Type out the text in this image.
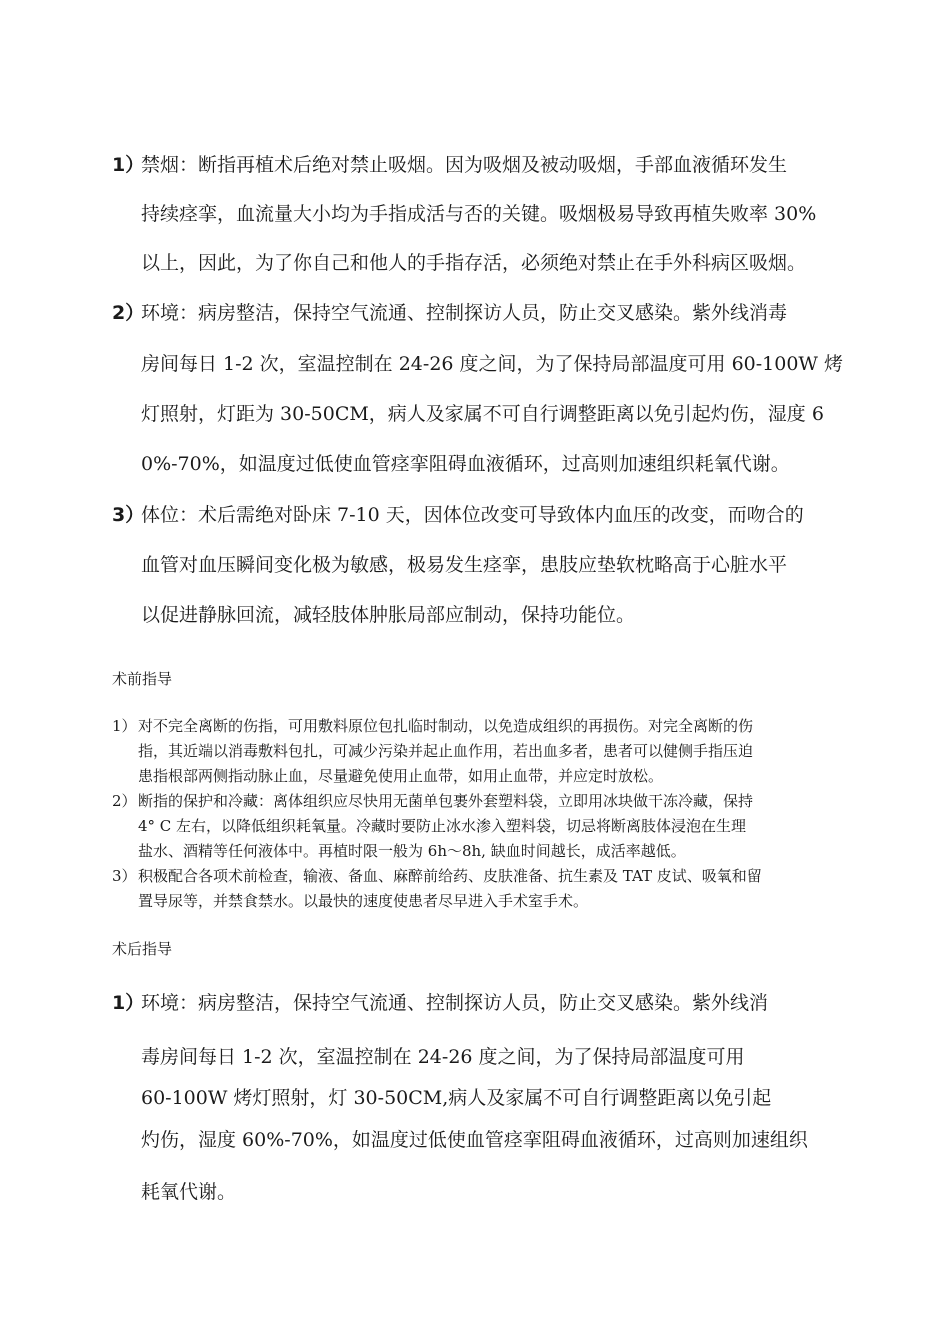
1）
禁烟：断指再植术后绝对禁止吸烟。因为吸烟及被动吸烟，手部血液循环发生
持续痉挛，血流量大小均为手指成活与否的关键。吸烟极易导致再植失败率 30%
以上，因此，为了你自己和他人的手指存活，必须绝对禁止在手外科病区吸烟。
2）
环境：病房整洁，保持空气流通、控制探访人员，防止交叉感染。紫外线消毒
房间每日 1-2 次，室温控制在 24-26 度之间，为了保持局部温度可用 60-100W 烤
灯照射，灯距为 30-50CM，病人及家属不可自行调整距离以免引起灼伤，湿度 6
0%-70%，如温度过低使血管痉挛阻碍血液循环，过高则加速组织耗氧代谢。
3）
体位：术后需绝对卧床 7-10 天，因体位改变可导致体内血压的改变，而吻合的
血管对血压瞬间变化极为敏感，极易发生痉挛，患肢应垫软枕略高于心脏水平
以促进静脉回流，减轻肢体肿胀局部应制动，保持功能位。
术前指导
1） 对不完全离断的伤指，可用敷料原位包扎临时制动，以免造成组织的再损伤。对完全离断的伤
指，其近端以消毒敷料包扎，可减少污染并起止血作用，若出血多者，患者可以健侧手指压迫
患指根部两侧指动脉止血，尽量避免使用止血带，如用止血带，并应定时放松。
2） 断指的保护和冷藏：离体组织应尽快用无菌单包裹外套塑料袋，立即用冰块做干冻冷藏，保持
4° C 左右，以降低组织耗氧量。冷藏时要防止冰水渗入塑料袋，切忌将断离肢体浸泡在生理
盐水、酒精等任何液体中。再植时限一般为 6h～8h, 缺血时间越长，成活率越低。
3） 积极配合各项术前检查，输液、备血、麻醉前给药、皮肤准备、抗生素及 TAT 皮试、吸氧和留
置导尿等，并禁食禁水。以最快的速度使患者尽早进入手术室手术。
术后指导
1）
环境：病房整洁，保持空气流通、控制探访人员，防止交叉感染。紫外线消
毒房间每日 1-2 次，室温控制在 24-26 度之间，为了保持局部温度可用
60-100W 烤灯照射，灯 30-50CM,病人及家属不可自行调整距离以免引起
灼伤，湿度 60%-70%，如温度过低使血管痉挛阻碍血液循环，过高则加速组织
耗氧代谢。
